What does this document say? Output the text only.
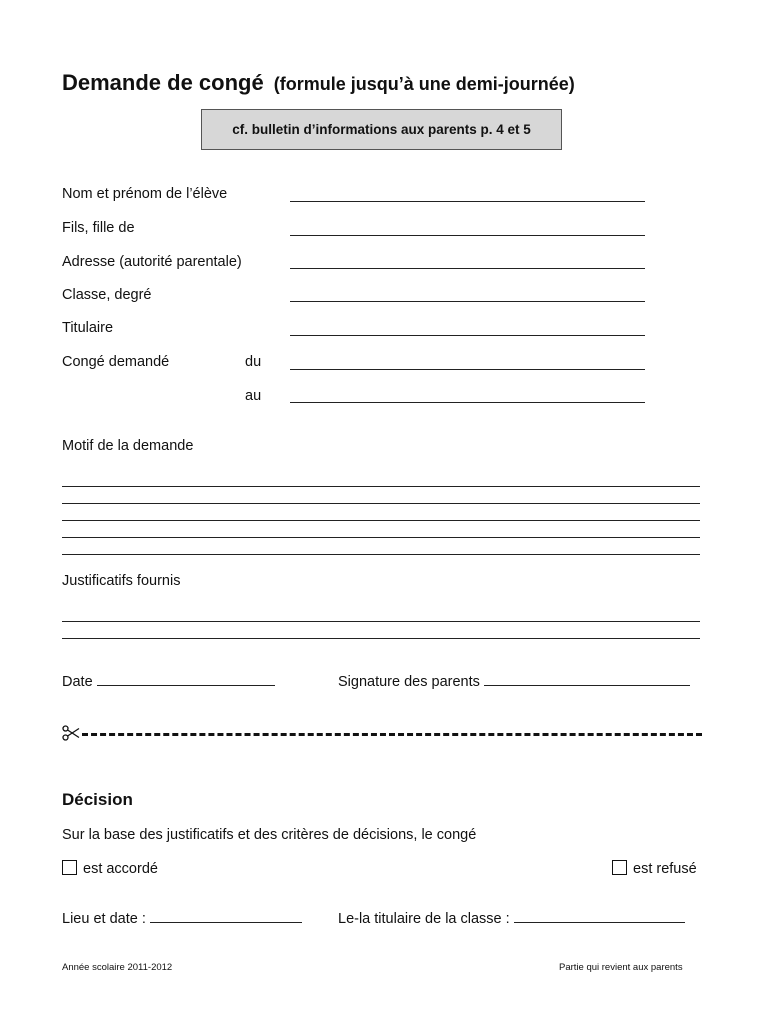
Demande de congé (formule jusqu’à une demi-journée)
cf. bulletin d’informations aux parents p. 4 et 5
Nom et prénom de l’élève
Fils, fille de
Adresse (autorité parentale)
Classe, degré
Titulaire
Congé demandé	du
au
Motif de la demande
Justificatifs fournis
Date	Signature des parents
Décision
Sur la base des justificatifs et des critères de décisions, le congé
est accordé	est refusé
Lieu et date :	Le-la titulaire de la classe :
Année scolaire 2011-2012	Partie qui revient aux parents
